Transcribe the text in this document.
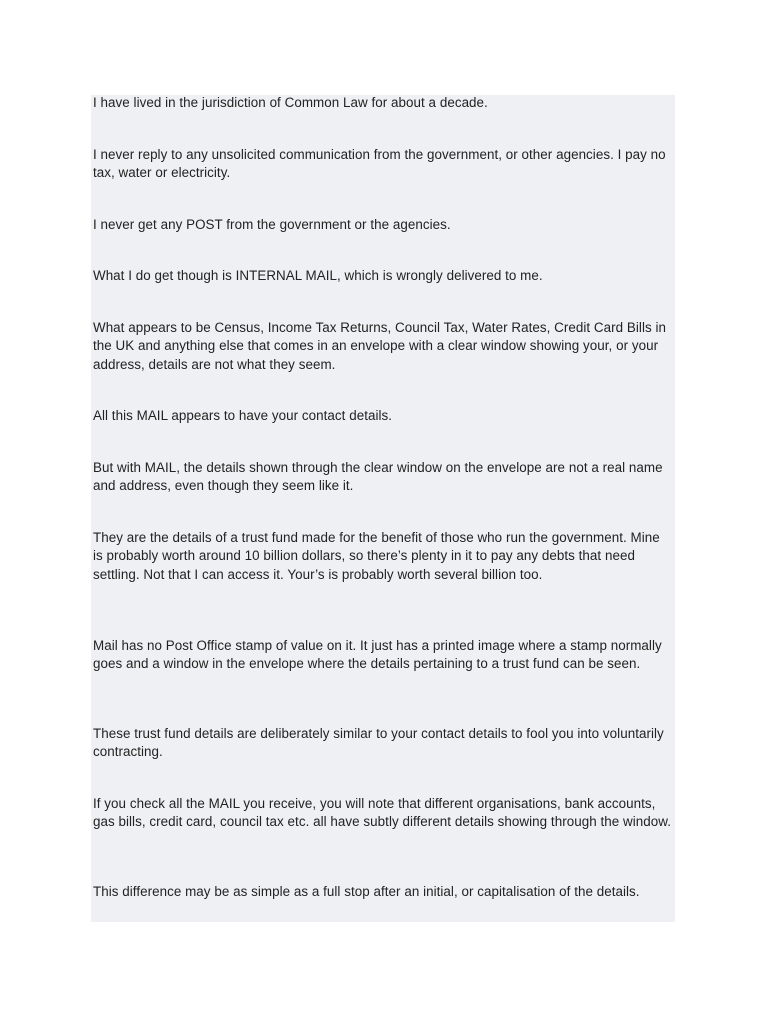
I have lived in the jurisdiction of Common Law for about a decade.

I never reply to any unsolicited communication from the government, or other agencies. I pay no tax, water or electricity.

I never get any POST from the government or the agencies.

What I do get though is INTERNAL MAIL, which is wrongly delivered to me.

What appears to be Census, Income Tax Returns, Council Tax, Water Rates, Credit Card Bills in the UK and anything else that comes in an envelope with a clear window showing your, or your address, details are not what they seem.

All this MAIL appears to have your contact details.

But with MAIL, the details shown through the clear window on the envelope are not a real name and address, even though they seem like it.

They are the details of a trust fund made for the benefit of those who run the government. Mine is probably worth around 10 billion dollars, so there’s plenty in it to pay any debts that need settling. Not that I can access it. Your’s is probably worth several billion too.

Mail has no Post Office stamp of value on it. It just has a printed image where a stamp normally goes and a window in the envelope where the details pertaining to a trust fund can be seen.

These trust fund details are deliberately similar to your contact details to fool you into voluntarily contracting.

If you check all the MAIL you receive, you will note that different organisations, bank accounts, gas bills, credit card, council tax etc. all have subtly different details showing through the window.

This difference may be as simple as a full stop after an initial, or capitalisation of the details.
